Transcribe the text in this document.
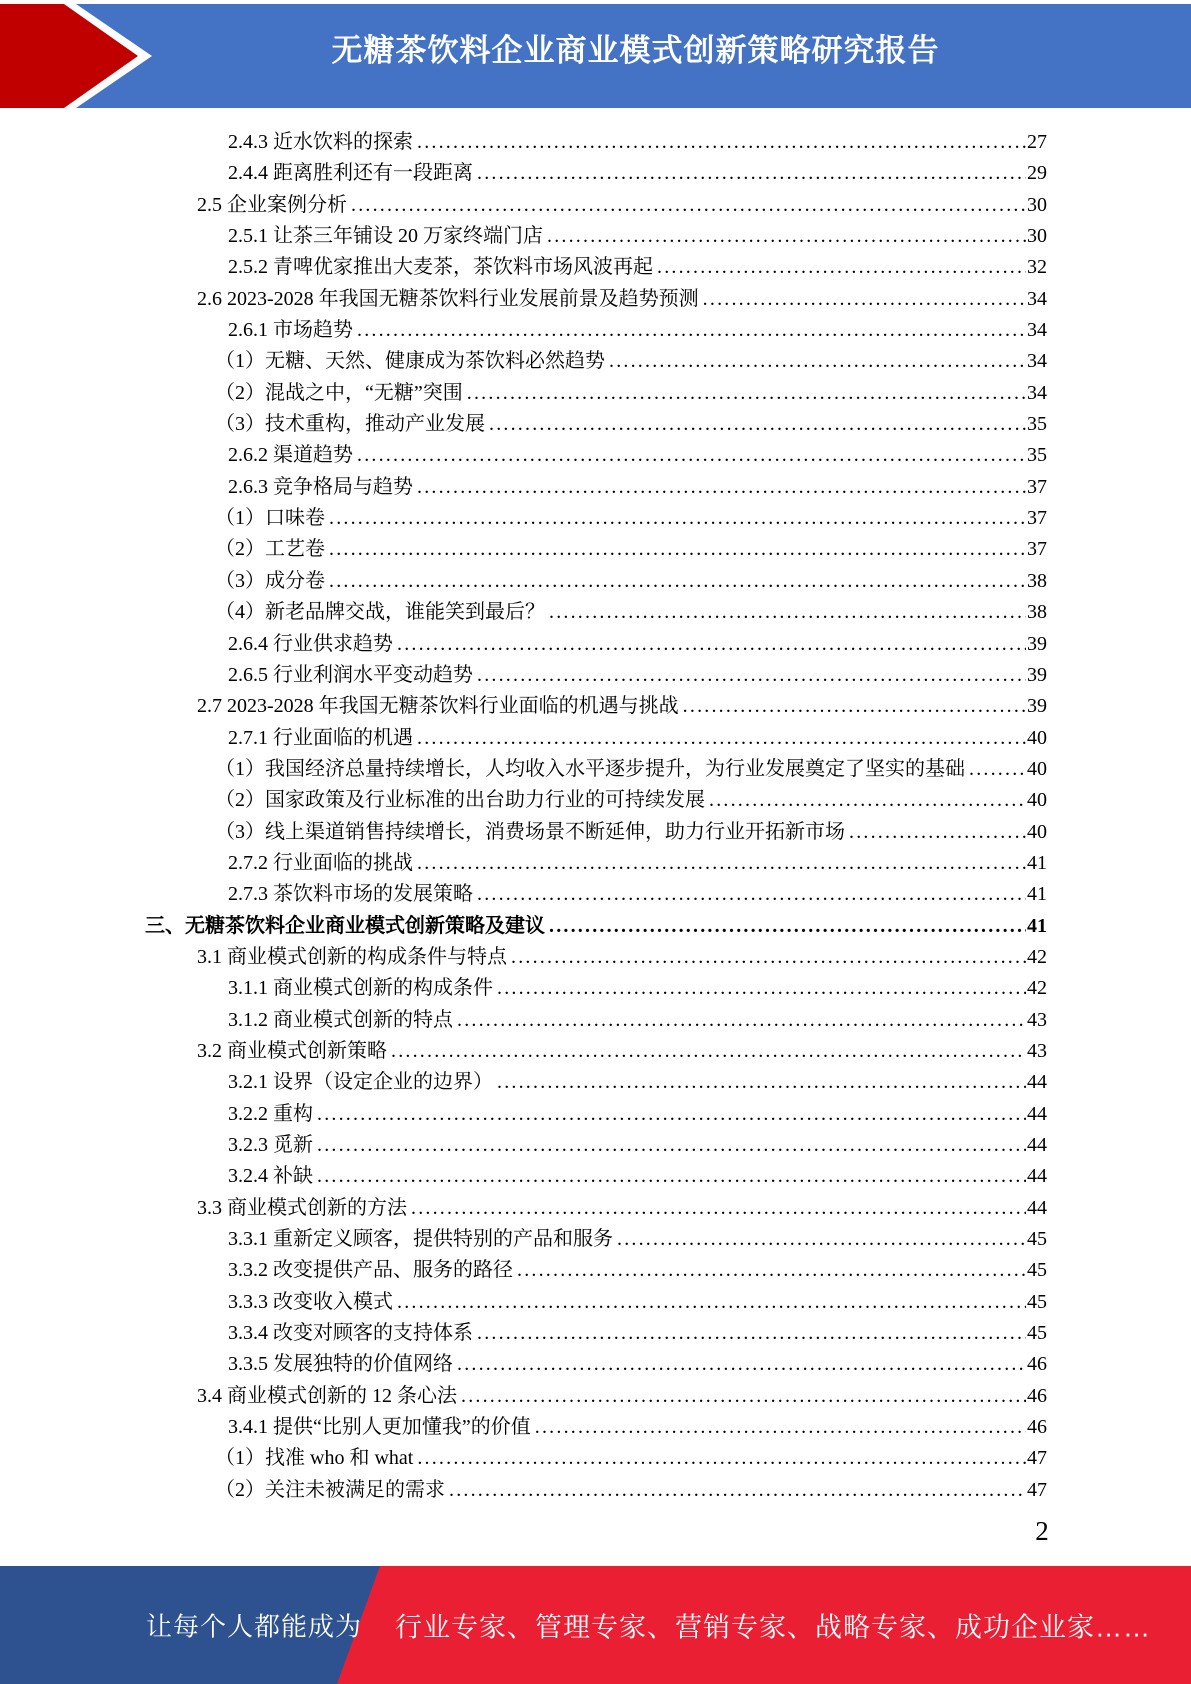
无糖茶饮料企业商业模式创新策略研究报告
2.4.3 近水饮料的探索 .....	27
2.4.4 距离胜利还有一段距离 .....	29
2.5 企业案例分析 .....	30
2.5.1 让茶三年铺设 20 万家终端门店 .....	30
2.5.2 青啤优家推出大麦茶，茶饮料市场风波再起 .....	32
2.6 2023-2028 年我国无糖茶饮料行业发展前景及趋势预测 .....	34
2.6.1 市场趋势 .....	34
（1）无糖、天然、健康成为茶饮料必然趋势 .....	34
（2）混战之中，“无糖”突围 .....	34
（3）技术重构，推动产业发展 .....	35
2.6.2 渠道趋势 .....	35
2.6.3 竞争格局与趋势 .....	37
（1）口味卷 .....	37
（2）工艺卷 .....	37
（3）成分卷 .....	38
（4）新老品牌交战，谁能笑到最后？ .....	38
2.6.4 行业供求趋势 .....	39
2.6.5 行业利润水平变动趋势 .....	39
2.7 2023-2028 年我国无糖茶饮料行业面临的机遇与挑战 .....	39
2.7.1 行业面临的机遇 .....	40
（1）我国经济总量持续增长，人均收入水平逐步提升，为行业发展奠定了坚实的基础 .....	40
（2）国家政策及行业标准的出台助力行业的可持续发展 .....	40
（3）线上渠道销售持续增长，消费场景不断延伸，助力行业开拓新市场 .....	40
2.7.2 行业面临的挑战 .....	41
2.7.3 茶饮料市场的发展策略 .....	41
三、无糖茶饮料企业商业模式创新策略及建议 .....	41
3.1 商业模式创新的构成条件与特点 .....	42
3.1.1 商业模式创新的构成条件 .....	42
3.1.2 商业模式创新的特点 .....	43
3.2 商业模式创新策略 .....	43
3.2.1 设界（设定企业的边界） .....	44
3.2.2 重构 .....	44
3.2.3 觅新 .....	44
3.2.4 补缺 .....	44
3.3 商业模式创新的方法 .....	44
3.3.1 重新定义顾客，提供特别的产品和服务 .....	45
3.3.2 改变提供产品、服务的路径 .....	45
3.3.3 改变收入模式 .....	45
3.3.4 改变对顾客的支持体系 .....	45
3.3.5 发展独特的价值网络 .....	46
3.4 商业模式创新的 12 条心法 .....	46
3.4.1 提供“比别人更加懂我”的价值 .....	46
（1）找准 who 和 what .....	47
（2）关注未被满足的需求 .....	47
2
让每个人都能成为 行业专家、管理专家、营销专家、战略专家、成功企业家……
